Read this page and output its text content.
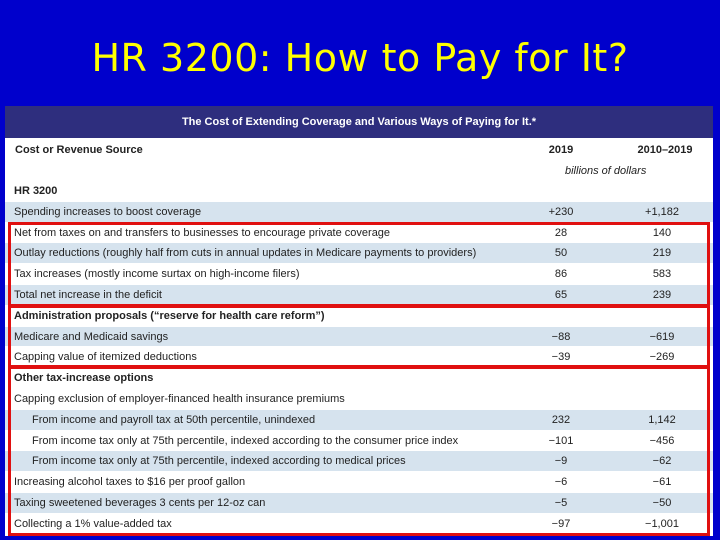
HR 3200: How to Pay for It?
The Cost of Extending Coverage and Various Ways of Paying for It.*
Cost or Revenue Source	2019	2010–2019
billions of dollars
HR 3200
Spending increases to boost coverage	+230	+1,182
Net from taxes on and transfers to businesses to encourage private coverage	28	140
Outlay reductions (roughly half from cuts in annual updates in Medicare payments to providers)	50	219
Tax increases (mostly income surtax on high-income filers)	86	583
Total net increase in the deficit	65	239
Administration proposals (“reserve for health care reform”)
Medicare and Medicaid savings	−88	−619
Capping value of itemized deductions	−39	−269
Other tax-increase options
Capping exclusion of employer-financed health insurance premiums
From income and payroll tax at 50th percentile, unindexed	232	1,142
From income tax only at 75th percentile, indexed according to the consumer price index	−101	−456
From income tax only at 75th percentile, indexed according to medical prices	−9	−62
Increasing alcohol taxes to $16 per proof gallon	−6	−61
Taxing sweetened beverages 3 cents per 12-oz can	−5	−50
Collecting a 1% value-added tax	−97	−1,001
